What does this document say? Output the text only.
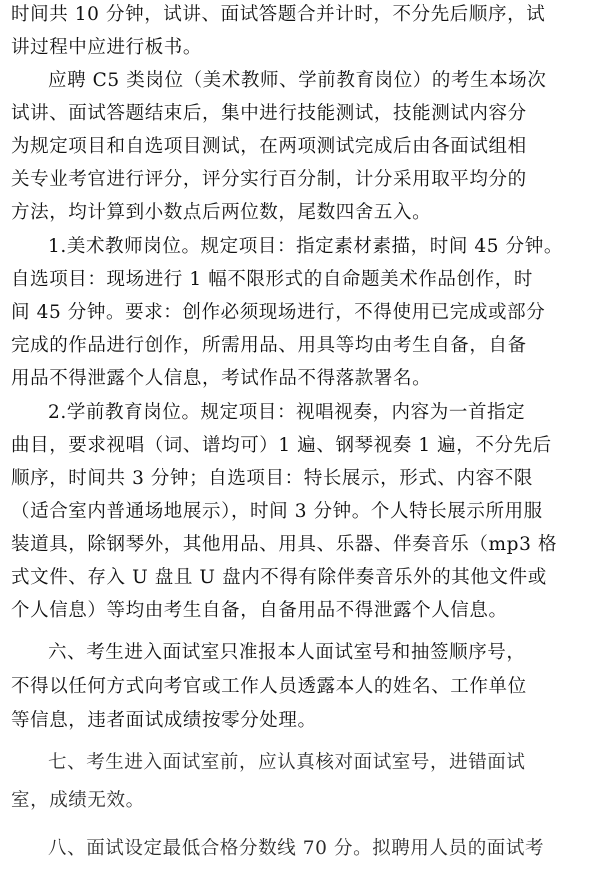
时间共 10 分钟，试讲、面试答题合并计时，不分先后顺序，试
讲过程中应进行板书。
应聘 C5 类岗位（美术教师、学前教育岗位）的考生本场次
试讲、面试答题结束后，集中进行技能测试，技能测试内容分
为规定项目和自选项目测试，在两项测试完成后由各面试组相
关专业考官进行评分，评分实行百分制，计分采用取平均分的
方法，均计算到小数点后两位数，尾数四舍五入。
1.美术教师岗位。规定项目：指定素材素描，时间 45 分钟。
自选项目：现场进行 1 幅不限形式的自命题美术作品创作，时
间 45 分钟。要求：创作必须现场进行，不得使用已完成或部分
完成的作品进行创作，所需用品、用具等均由考生自备，自备
用品不得泄露个人信息，考试作品不得落款署名。
2.学前教育岗位。规定项目：视唱视奏，内容为一首指定
曲目，要求视唱（词、谱均可）1 遍、钢琴视奏 1 遍，不分先后
顺序，时间共 3 分钟；自选项目：特长展示，形式、内容不限
（适合室内普通场地展示），时间 3 分钟。个人特长展示所用服
装道具，除钢琴外，其他用品、用具、乐器、伴奏音乐（mp3 格
式文件、存入 U 盘且 U 盘内不得有除伴奏音乐外的其他文件或
个人信息）等均由考生自备，自备用品不得泄露个人信息。
六、考生进入面试室只准报本人面试室号和抽签顺序号，
不得以任何方式向考官或工作人员透露本人的姓名、工作单位
等信息，违者面试成绩按零分处理。
七、考生进入面试室前，应认真核对面试室号，进错面试
室，成绩无效。
八、面试设定最低合格分数线 70 分。拟聘用人员的面试考
